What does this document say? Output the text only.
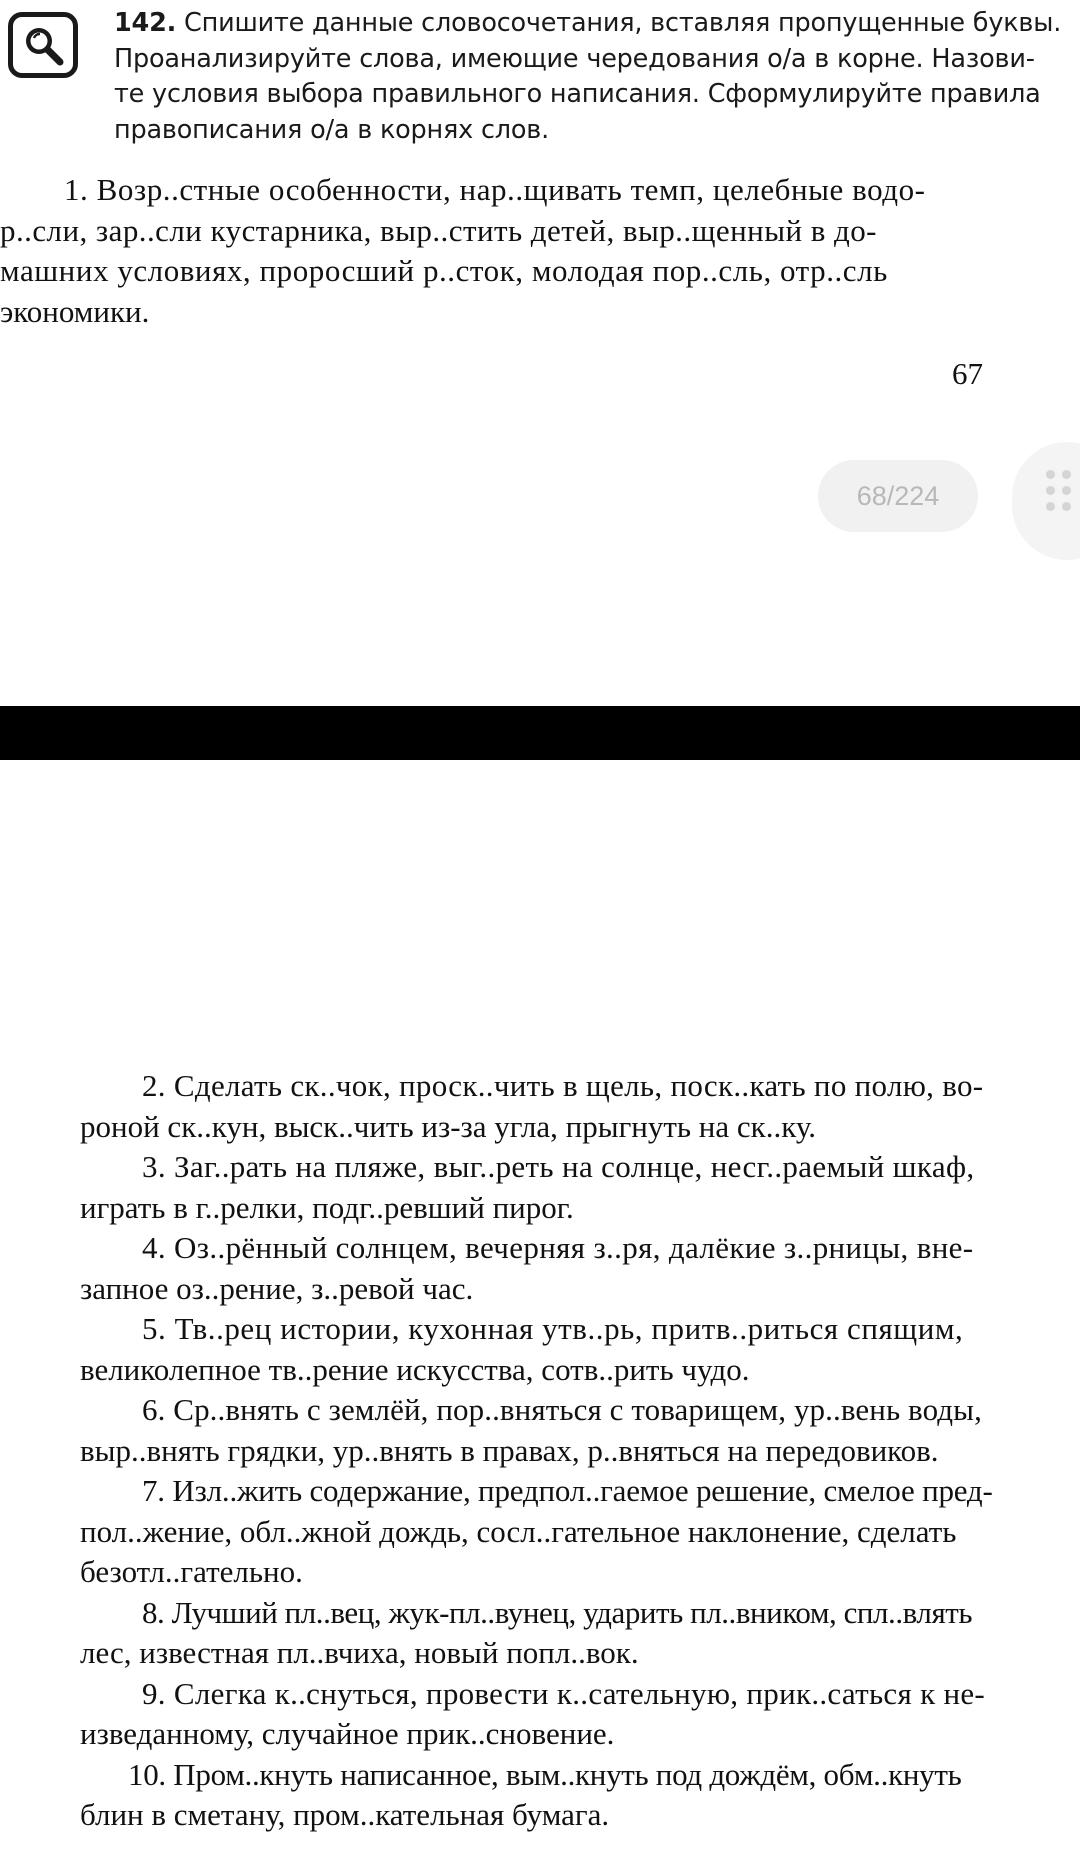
142. Спишите данные словосочетания, вставляя пропущенные буквы.
Проанализируйте слова, имеющие чередования о/а в корне. Назови-
те условия выбора правильного написания. Сформулируйте правила
правописания о/а в корнях слов.
1. Возр..стные особенности, нар..щивать темп, целебные водо-
р..сли, зар..сли кустарника, выр..стить детей, выр..щенный в до-
машних условиях, проросший р..сток, молодая пор..сль, отр..сль
экономики.
67
68/224
2. Сделать ск..чок, проск..чить в щель, поск..кать по полю, во-
роной ск..кун, выск..чить из-за угла, прыгнуть на ск..ку.
3. Заг..рать на пляже, выг..реть на солнце, несг..раемый шкаф,
играть в г..релки, подг..ревший пирог.
4. Оз..рённый солнцем, вечерняя з..ря, далёкие з..рницы, вне-
запное оз..рение, з..ревой час.
5. Тв..рец истории, кухонная утв..рь, притв..риться спящим,
великолепное тв..рение искусства, сотв..рить чудо.
6. Ср..внять с землёй, пор..вняться с товарищем, ур..вень воды,
выр..внять грядки, ур..внять в правах, р..вняться на передовиков.
7. Изл..жить содержание, предпол..гаемое решение, смелое пред-
пол..жение, обл..жной дождь, сосл..гательное наклонение, сделать
безотл..гательно.
8. Лучший пл..вец, жук-пл..вунец, ударить пл..вником, спл..влять
лес, известная пл..вчиха, новый попл..вок.
9. Слегка к..снуться, провести к..сательную, прик..саться к не-
изведанному, случайное прик..сновение.
10. Пром..кнуть написанное, вым..кнуть под дождём, обм..кнуть
блин в сметану, пром..кательная бумага.
